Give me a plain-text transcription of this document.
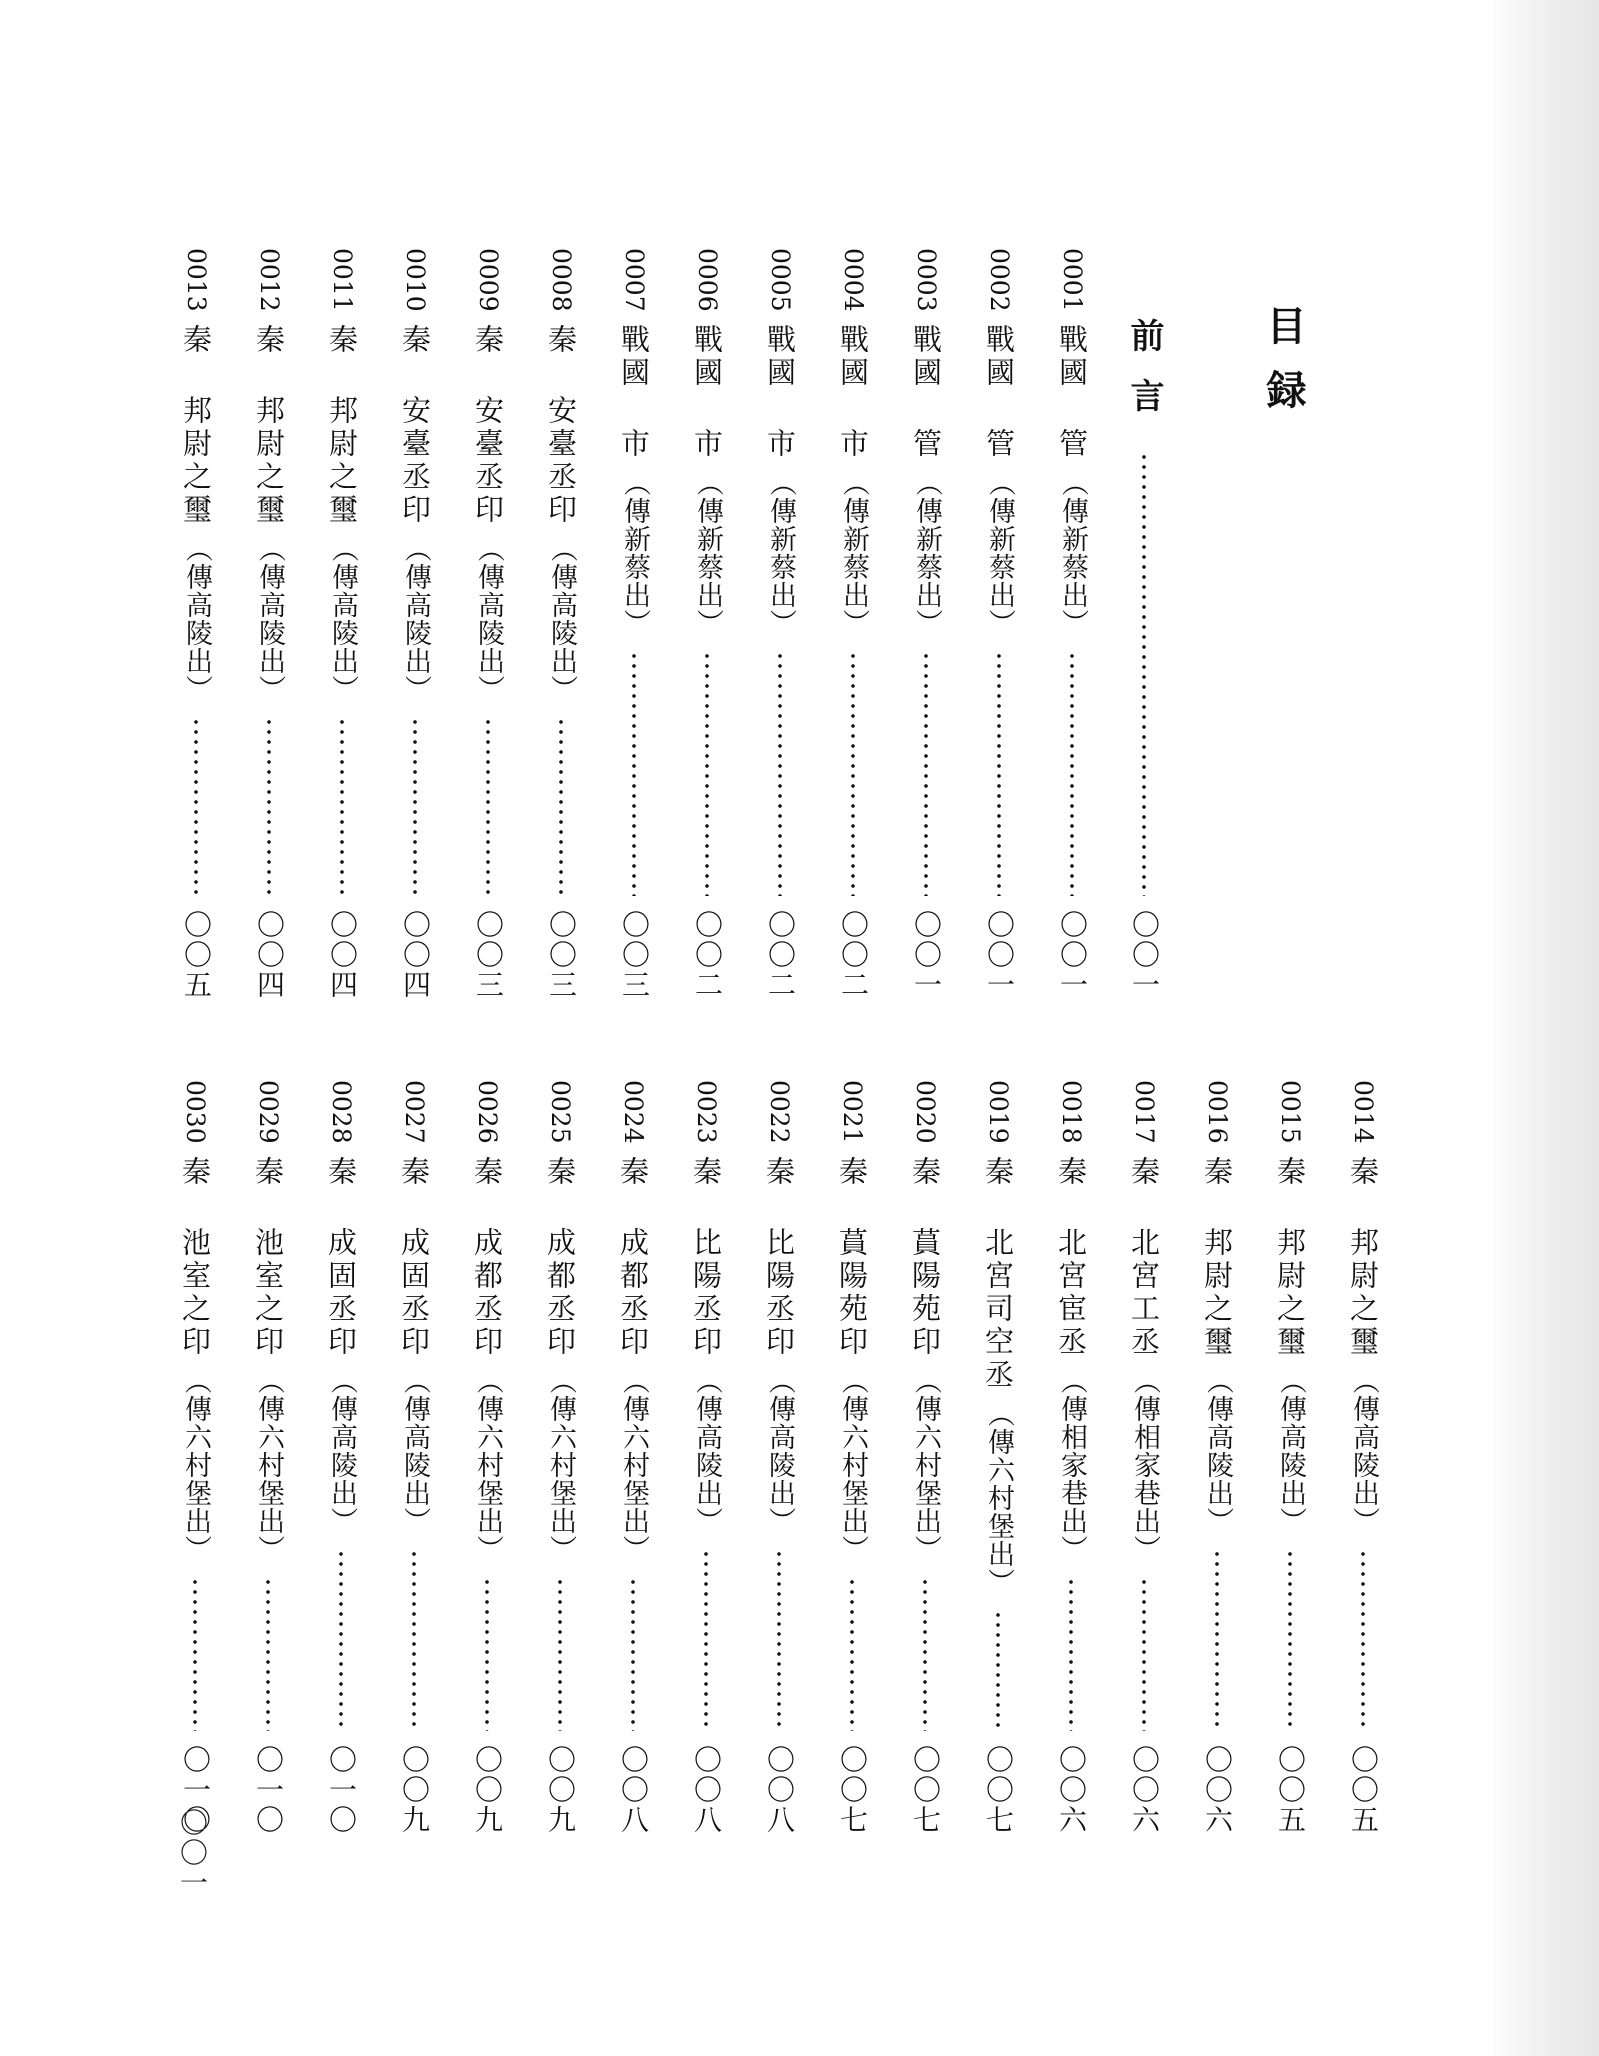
目録
前言
〇〇一
0001
戰國 管
（傳新蔡出）
〇〇一
0002
戰國 管
（傳新蔡出）
〇〇一
0003
戰國 管
（傳新蔡出）
〇〇一
0004
戰國 市
（傳新蔡出）
〇〇二
0005
戰國 市
（傳新蔡出）
〇〇二
0006
戰國 市
（傳新蔡出）
〇〇二
0007
戰國 市
（傳新蔡出）
〇〇三
0008
秦 安臺丞印
（傳高陵出）
〇〇三
0009
秦 安臺丞印
（傳高陵出）
〇〇三
0010
秦 安臺丞印
（傳高陵出）
〇〇四
0011
秦 邦尉之璽
（傳高陵出）
〇〇四
0012
秦 邦尉之璽
（傳高陵出）
〇〇四
0013
秦 邦尉之璽
（傳高陵出）
〇〇五
0014
秦 邦尉之璽
（傳高陵出）
〇〇五
0015
秦 邦尉之璽
（傳高陵出）
〇〇五
0016
秦 邦尉之璽
（傳高陵出）
〇〇六
0017
秦 北宮工丞
（傳相家巷出）
〇〇六
0018
秦 北宮宦丞
（傳相家巷出）
〇〇六
0019
秦 北宮司空丞
（傳六村堡出）
〇〇七
0020
秦 蒷陽苑印
（傳六村堡出）
〇〇七
0021
秦 蒷陽苑印
（傳六村堡出）
〇〇七
0022
秦 比陽丞印
（傳高陵出）
〇〇八
0023
秦 比陽丞印
（傳高陵出）
〇〇八
0024
秦 成都丞印
（傳六村堡出）
〇〇八
0025
秦 成都丞印
（傳六村堡出）
〇〇九
0026
秦 成都丞印
（傳六村堡出）
〇〇九
0027
秦 成固丞印
（傳高陵出）
〇〇九
0028
秦 成固丞印
（傳高陵出）
〇一〇
0029
秦 池室之印
（傳六村堡出）
〇一〇
0030
秦 池室之印
（傳六村堡出）
〇一〇
〇〇一
